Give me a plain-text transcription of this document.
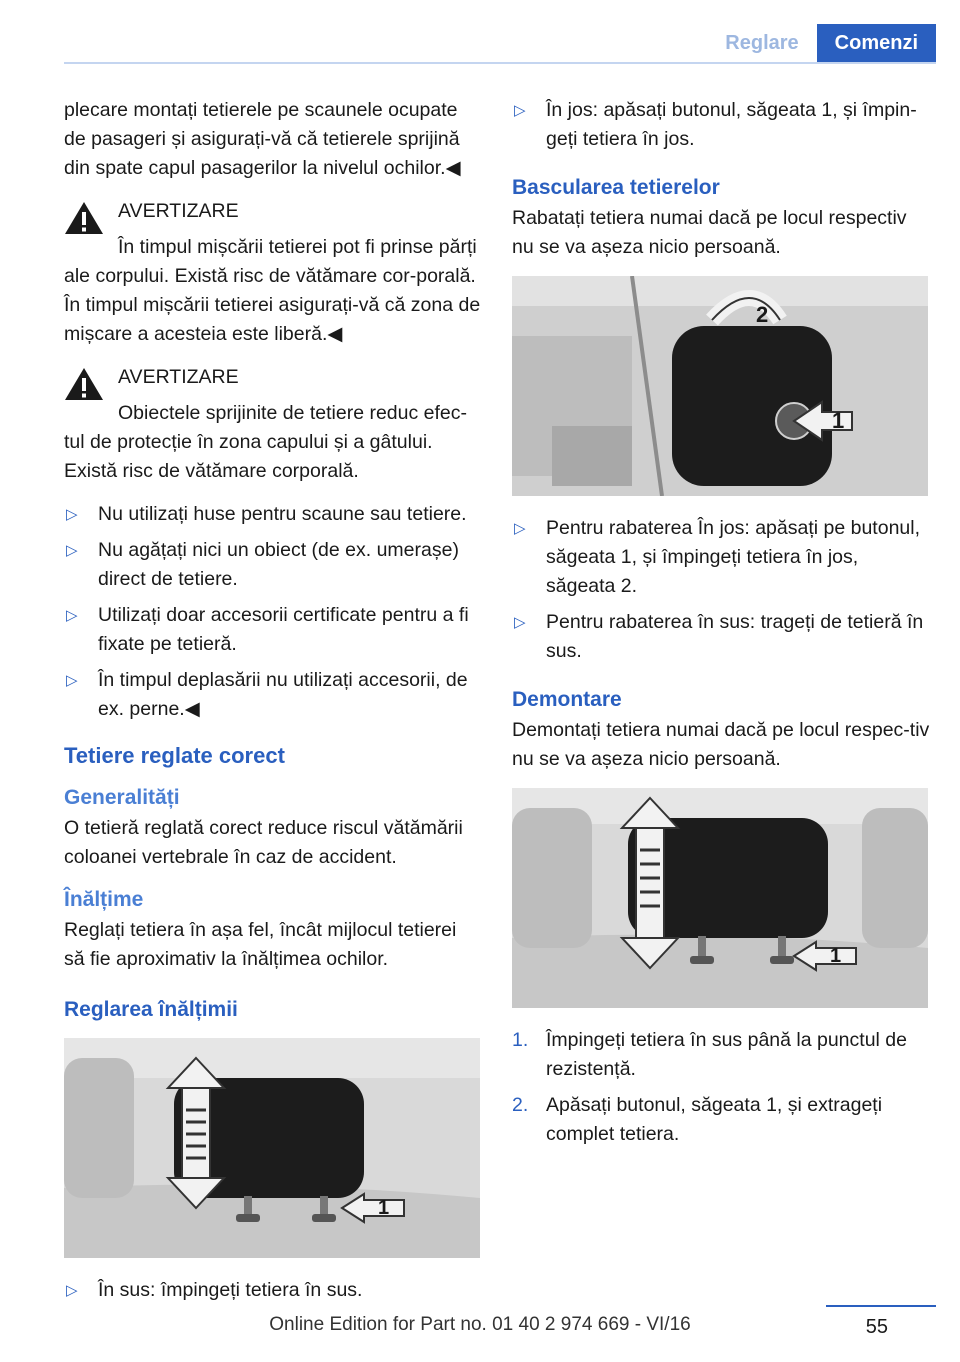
Reglare	Comenzi

plecare montați tetierele pe scaunele ocupate de pasageri și asigurați-vă că tetierele sprijină din spate capul pasagerilor la nivelul ochilor.◀

AVERTIZARE

În timpul mișcării tetierei pot fi prinse părți ale corpului. Există risc de vătămare cor-porală. În timpul mișcării tetierei asigurați-vă că zona de mișcare a acesteia este liberă.◀

AVERTIZARE

Obiectele sprijinite de tetiere reduc efec-tul de protecție în zona capului și a gâtului. Există risc de vătămare corporală.

▷ Nu utilizați huse pentru scaune sau tetiere.
▷ Nu agățați nici un obiect (de ex. umerașe) direct de tetiere.
▷ Utilizați doar accesorii certificate pentru a fi fixate pe tetieră.
▷ În timpul deplasării nu utilizați accesorii, de ex. perne.◀
Tetiere reglate corect
Generalități

O tetieră reglată corect reduce riscul vătămării coloanei vertebrale în caz de accident.

Înălțime

Reglați tetiera în așa fel, încât mijlocul tetierei să fie aproximativ la înălțimea ochilor.

Reglarea înălțimii
1
▷ În sus: împingeți tetiera în sus.
▷ În jos: apăsați butonul, săgeata 1, și împin-geți tetiera în jos.
Bascularea tetierelor

Rabatați tetiera numai dacă pe locul respectiv nu se va așeza nicio persoană.

2
1
▷ Pentru rabaterea În jos: apăsați pe butonul, săgeata 1, și împingeți tetiera în jos, săgeata 2.
▷ Pentru rabaterea în sus: trageți de tetieră în sus.
Demontare

Demontați tetiera numai dacă pe locul respec-tiv nu se va așeza nicio persoană.

1
1. Împingeți tetiera în sus până la punctul de rezistență.
2. Apăsați butonul, săgeata 1, și extrageți complet tetiera.
55
Online Edition for Part no. 01 40 2 974 669 - VI/16
